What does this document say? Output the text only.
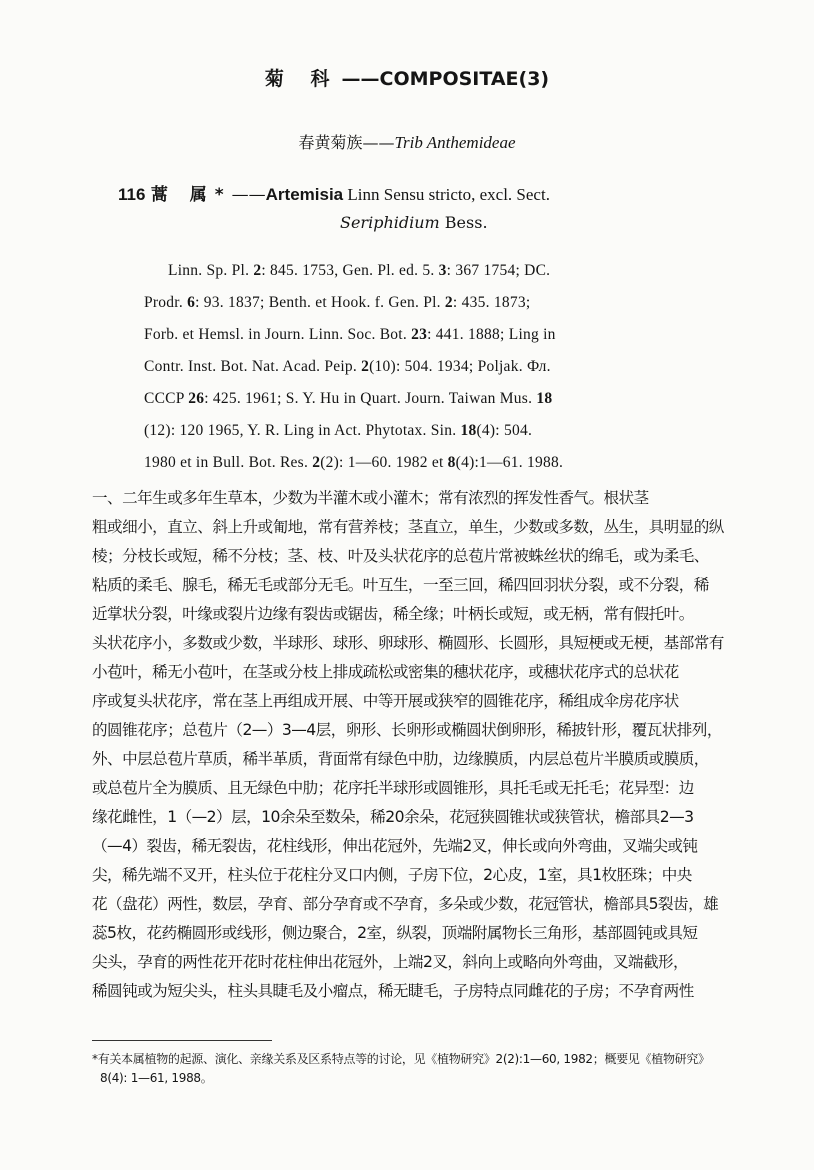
菊 科 ——COMPOSITAE(3)
春黄菊族——Trib Anthemideae
116 蒿 属*——Artemisia Linn Sensu stricto, excl. Sect.
Seriphidium Bess.
Linn. Sp. Pl. 2: 845. 1753, Gen. Pl. ed. 5. 3: 367 1754; DC.
Prodr. 6: 93. 1837; Benth. et Hook. f. Gen. Pl. 2: 435. 1873;
Forb. et Hemsl. in Journ. Linn. Soc. Bot. 23: 441. 1888; Ling in
Contr. Inst. Bot. Nat. Acad. Peip. 2(10): 504. 1934; Poljak. Фл.
CCCP 26: 425. 1961; S. Y. Hu in Quart. Journ. Taiwan Mus. 18
(12): 120 1965, Y. R. Ling in Act. Phytotax. Sin. 18(4): 504.
1980 et in Bull. Bot. Res. 2(2): 1—60. 1982 et 8(4):1—61. 1988.
一、二年生或多年生草本，少数为半灌木或小灌木；常有浓烈的挥发性香气。根状茎
粗或细小，直立、斜上升或匍地，常有营养枝；茎直立，单生，少数或多数，丛生，具明显的纵
棱；分枝长或短，稀不分枝；茎、枝、叶及头状花序的总苞片常被蛛丝状的绵毛，或为柔毛、
粘质的柔毛、腺毛，稀无毛或部分无毛。叶互生，一至三回，稀四回羽状分裂，或不分裂，稀
近掌状分裂，叶缘或裂片边缘有裂齿或锯齿，稀全缘；叶柄长或短，或无柄，常有假托叶。
头状花序小，多数或少数，半球形、球形、卵球形、椭圆形、长圆形，具短梗或无梗，基部常有
小苞叶，稀无小苞叶，在茎或分枝上排成疏松或密集的穗状花序，或穗状花序式的总状花
序或复头状花序，常在茎上再组成开展、中等开展或狭窄的圆锥花序，稀组成伞房花序状
的圆锥花序；总苞片（2—）3—4层，卵形、长卵形或椭圆状倒卵形，稀披针形，覆瓦状排列，
外、中层总苞片草质，稀半革质，背面常有绿色中肋，边缘膜质，内层总苞片半膜质或膜质，
或总苞片全为膜质、且无绿色中肋；花序托半球形或圆锥形，具托毛或无托毛；花异型：边
缘花雌性，1（—2）层，10余朵至数朵，稀20余朵，花冠狭圆锥状或狭管状，檐部具2—3
（—4）裂齿，稀无裂齿，花柱线形，伸出花冠外，先端2叉，伸长或向外弯曲，叉端尖或钝
尖，稀先端不叉开，柱头位于花柱分叉口内侧，子房下位，2心皮，1室，具1枚胚珠；中央
花（盘花）两性，数层，孕育、部分孕育或不孕育，多朵或少数，花冠管状，檐部具5裂齿，雄
蕊5枚，花药椭圆形或线形，侧边聚合，2室，纵裂，顶端附属物长三角形，基部圆钝或具短
尖头，孕育的两性花开花时花柱伸出花冠外，上端2叉，斜向上或略向外弯曲，叉端截形，
稀圆钝或为短尖头，柱头具睫毛及小瘤点，稀无睫毛，子房特点同雌花的子房；不孕育两性
*有关本属植物的起源、演化、亲缘关系及区系特点等的讨论，见《植物研究》2(2):1—60, 1982；概要见《植物研究》
8(4): 1—61, 1988。
